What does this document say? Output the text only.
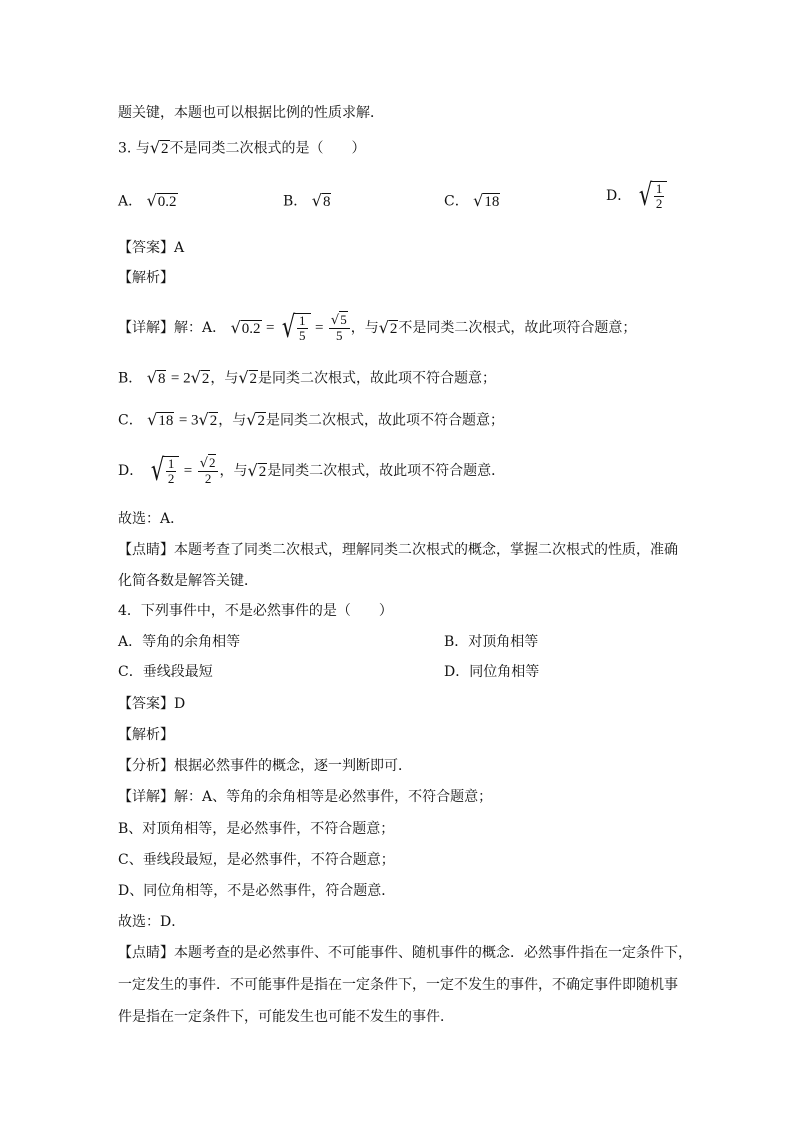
题关键，本题也可以根据比例的性质求解．
3. 与√2不是同类二次根式的是（　　）
A． √0.2	B． √8	C． √18	D． √ $\frac{1}{2}$
【答案】A
【解析】
【详解】解：A． √0.2 = √ $\frac{1}{5} = \frac{√5}{5}$ ，与√2不是同类二次根式，故此项符合题意；
B． √8 = 2√2，与√2是同类二次根式，故此项不符合题意；
C． √18 = 3√2，与√2是同类二次根式，故此项不符合题意；
D． √ $\frac{1}{2} = \frac{√2}{2}$ ，与√2是同类二次根式，故此项不符合题意．
故选：A．
【点睛】本题考查了同类二次根式，理解同类二次根式的概念，掌握二次根式的性质，准确
化简各数是解答关键．
4．下列事件中，不是必然事件的是（　　）
A．等角的余角相等	B．对顶角相等
C．垂线段最短	D．同位角相等
【答案】D
【解析】
【分析】根据必然事件的概念，逐一判断即可．
【详解】解：A、等角的余角相等是必然事件，不符合题意；
B、对顶角相等，是必然事件，不符合题意；
C、垂线段最短，是必然事件，不符合题意；
D、同位角相等，不是必然事件，符合题意．
故选：D．
【点睛】本题考查的是必然事件、不可能事件、随机事件的概念．必然事件指在一定条件下，
一定发生的事件．不可能事件是指在一定条件下，一定不发生的事件，不确定事件即随机事
件是指在一定条件下，可能发生也可能不发生的事件．
